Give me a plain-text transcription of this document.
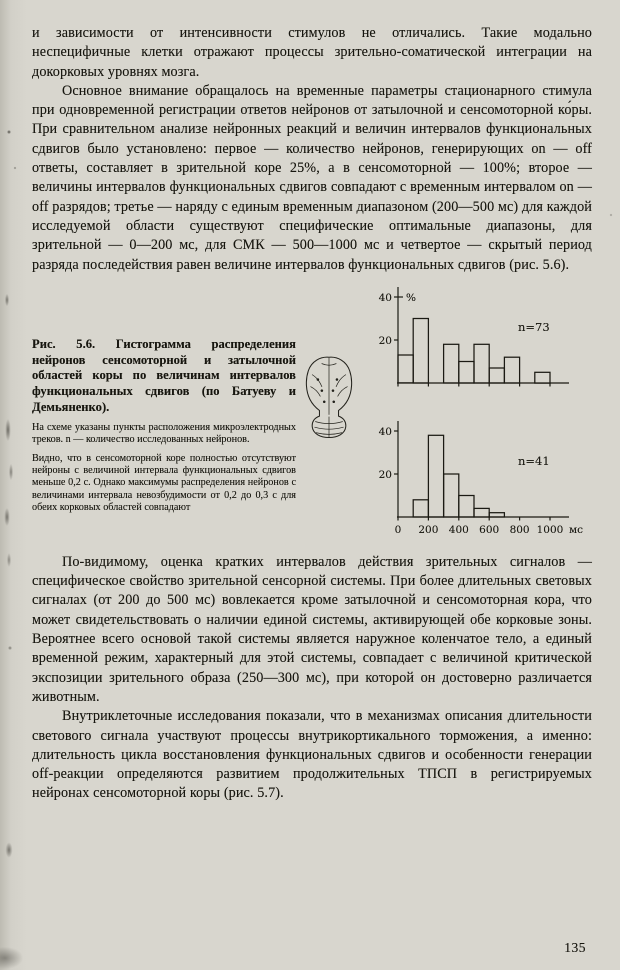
и зависимости от интенсивности стимулов не отличались. Такие модально неспецифичные клетки отражают процессы зрительно-соматической интеграции на докорковых уровнях мозга.

Основное внимание обращалось на временные параметры стационарного стимула при одновременной регистрации ответов нейронов от затылочной и сенсомоторной ко́ры. При сравнительном анализе нейронных реакций и величин интервалов функциональных сдвигов было установлено: первое — количество нейронов, генерирующих on — off ответы, составляет в зрительной коре 25%, а в сенсомоторной — 100%; второе — величины интервалов функциональных сдвигов совпадают с временным интервалом on — off разрядов; третье — наряду с единым временным диапазоном (200—500 мс) для каждой исследуемой области существуют специфические оптимальные диапазоны, для зрительной — 0—200 мс, для СМК — 500—1000 мс и четвертое — скрытый период разряда последействия равен величине интервалов функциональных сдвигов (рис. 5.6).

Рис. 5.6. Гистограмма распределения нейронов сенсомоторной и затылочной областей коры по величинам интервалов функциональных сдвигов (по Батуеву и Демьяненко).

На схеме указаны пункты расположения микроэлектродных треков. n — количество исследованных нейронов.

Видно, что в сенсомоторной коре полностью отсутствуют нейроны с величиной интервала функциональных сдвигов меньше 0,2 с. Однако максимумы распределения нейронов с величинами интервала невозбудимости от 0,2 до 0,3 с для обеих корковых областей совпадают

20
40 %
n=73
20
40
n=41
0 200 400 600 800 1000 мс

По-видимому, оценка кратких интервалов действия зрительных сигналов — специфическое свойство зрительной сенсорной системы. При более длительных световых сигналах (от 200 до 500 мс) вовлекается кроме затылочной и сенсомоторная кора, что может свидетельствовать о наличии единой системы, активирующей обе корковые зоны. Вероятнее всего основой такой системы является наружное коленчатое тело, а единый временной режим, характерный для этой системы, совпадает с величиной критической экспозиции зрительного образа (250—300 мс), при которой он достоверно различается животным.

Внутриклеточные исследования показали, что в механизмах описания длительности светового сигнала участвуют процессы внутрикортикального торможения, а именно: длительность цикла восстановления функциональных сдвигов и особенности генерации off-реакции определяются развитием продолжительных ТПСП в регистрируемых нейронах сенсомоторной коры (рис. 5.7).

135
